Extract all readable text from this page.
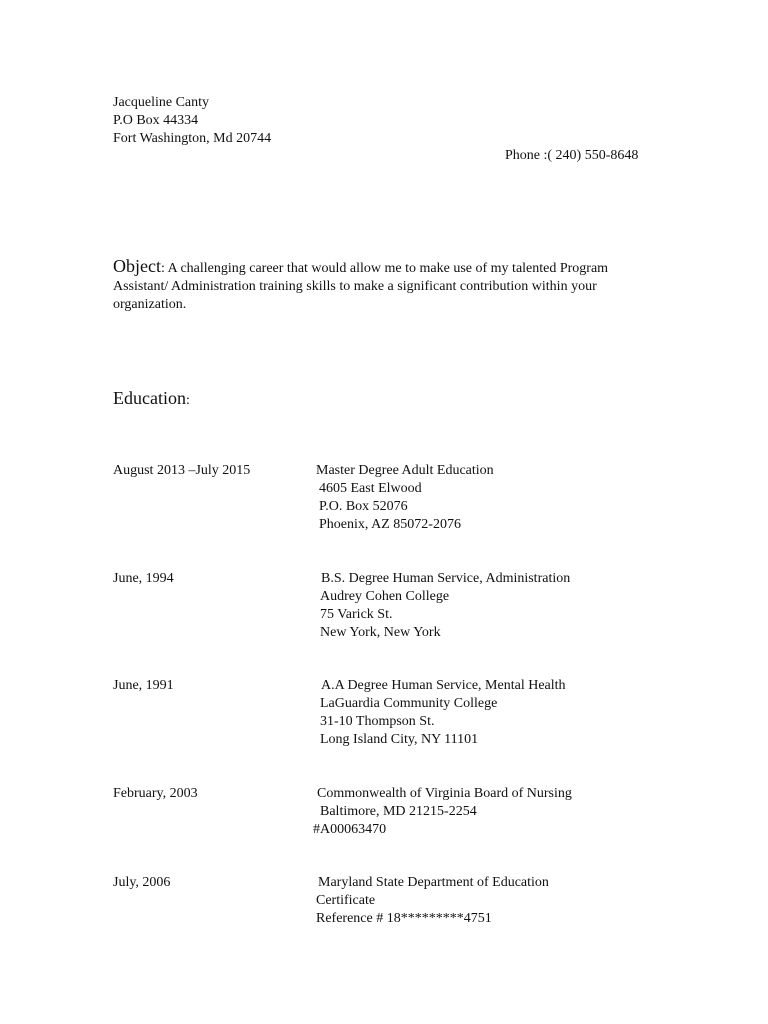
Jacqueline Canty
P.O Box 44334
Fort Washington, Md 20744
Phone :( 240) 550-8648
Object: A challenging career that would allow me to make use of my talented Program Assistant/ Administration training skills to make a significant contribution within your organization.
Education:
August 2013 –July 2015	Master Degree Adult Education
4605 East Elwood
P.O. Box 52076
Phoenix, AZ 85072-2076
June, 1994	B.S. Degree Human Service, Administration
Audrey Cohen College
75 Varick St.
New York, New York
June, 1991	A.A Degree Human Service, Mental Health
LaGuardia Community College
31-10 Thompson St.
Long Island City, NY 11101
February, 2003	Commonwealth of Virginia Board of Nursing
Baltimore, MD 21215-2254
#A00063470
July, 2006	Maryland State Department of Education
Certificate
Reference # 18*********4751
